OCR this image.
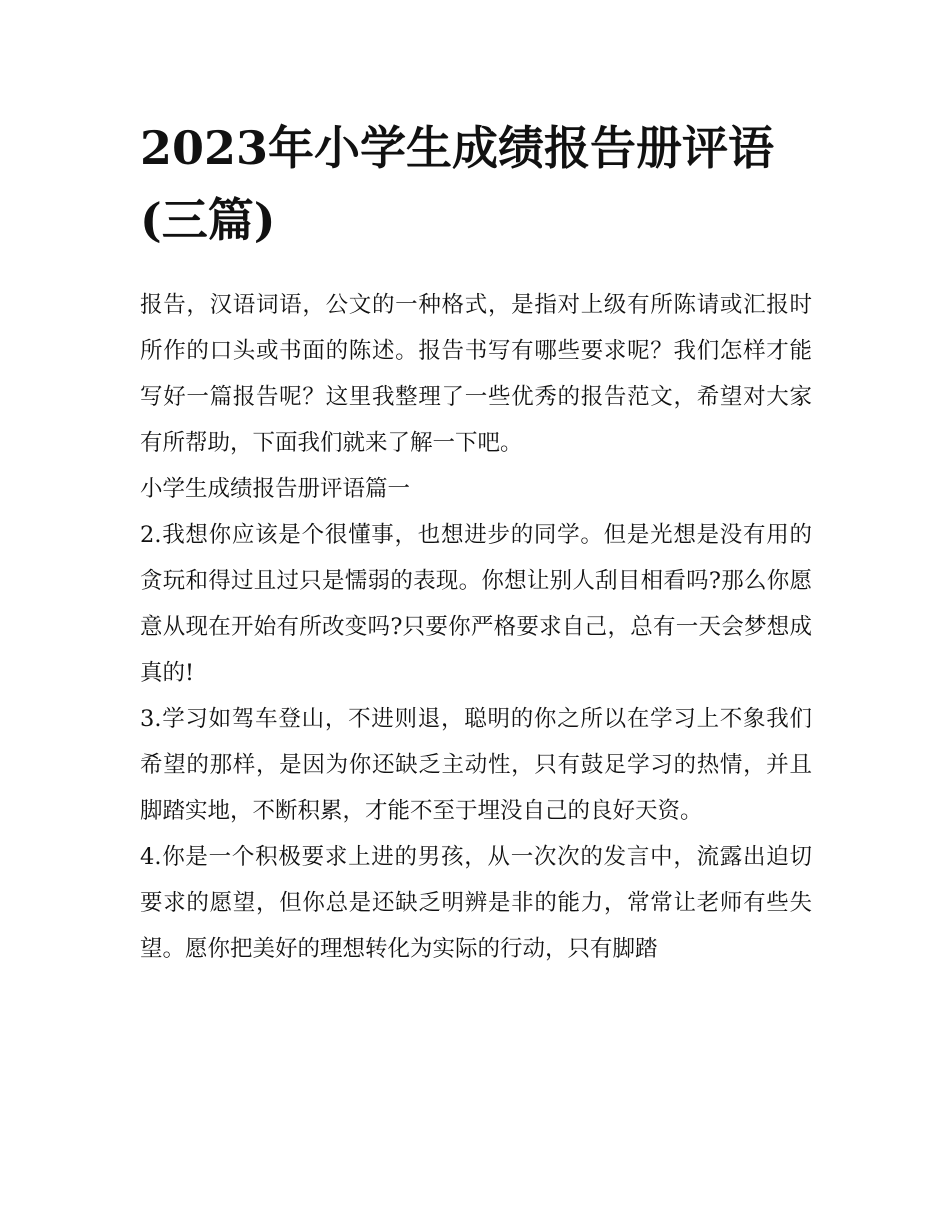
2023年小学生成绩报告册评语(三篇)

报告，汉语词语，公文的一种格式，是指对上级有所陈请或汇报时所作的口头或书面的陈述。报告书写有哪些要求呢？我们怎样才能写好一篇报告呢？这里我整理了一些优秀的报告范文，希望对大家有所帮助，下面我们就来了解一下吧。

小学生成绩报告册评语篇一

2.我想你应该是个很懂事，也想进步的同学。但是光想是没有用的贪玩和得过且过只是懦弱的表现。你想让别人刮目相看吗?那么你愿意从现在开始有所改变吗?只要你严格要求自己，总有一天会梦想成真的!

3.学习如驾车登山，不进则退，聪明的你之所以在学习上不象我们希望的那样，是因为你还缺乏主动性，只有鼓足学习的热情，并且脚踏实地，不断积累，才能不至于埋没自己的良好天资。

4.你是一个积极要求上进的男孩，从一次次的发言中，流露出迫切要求的愿望，但你总是还缺乏明辨是非的能力，常常让老师有些失望。愿你把美好的理想转化为实际的行动，只有脚踏
